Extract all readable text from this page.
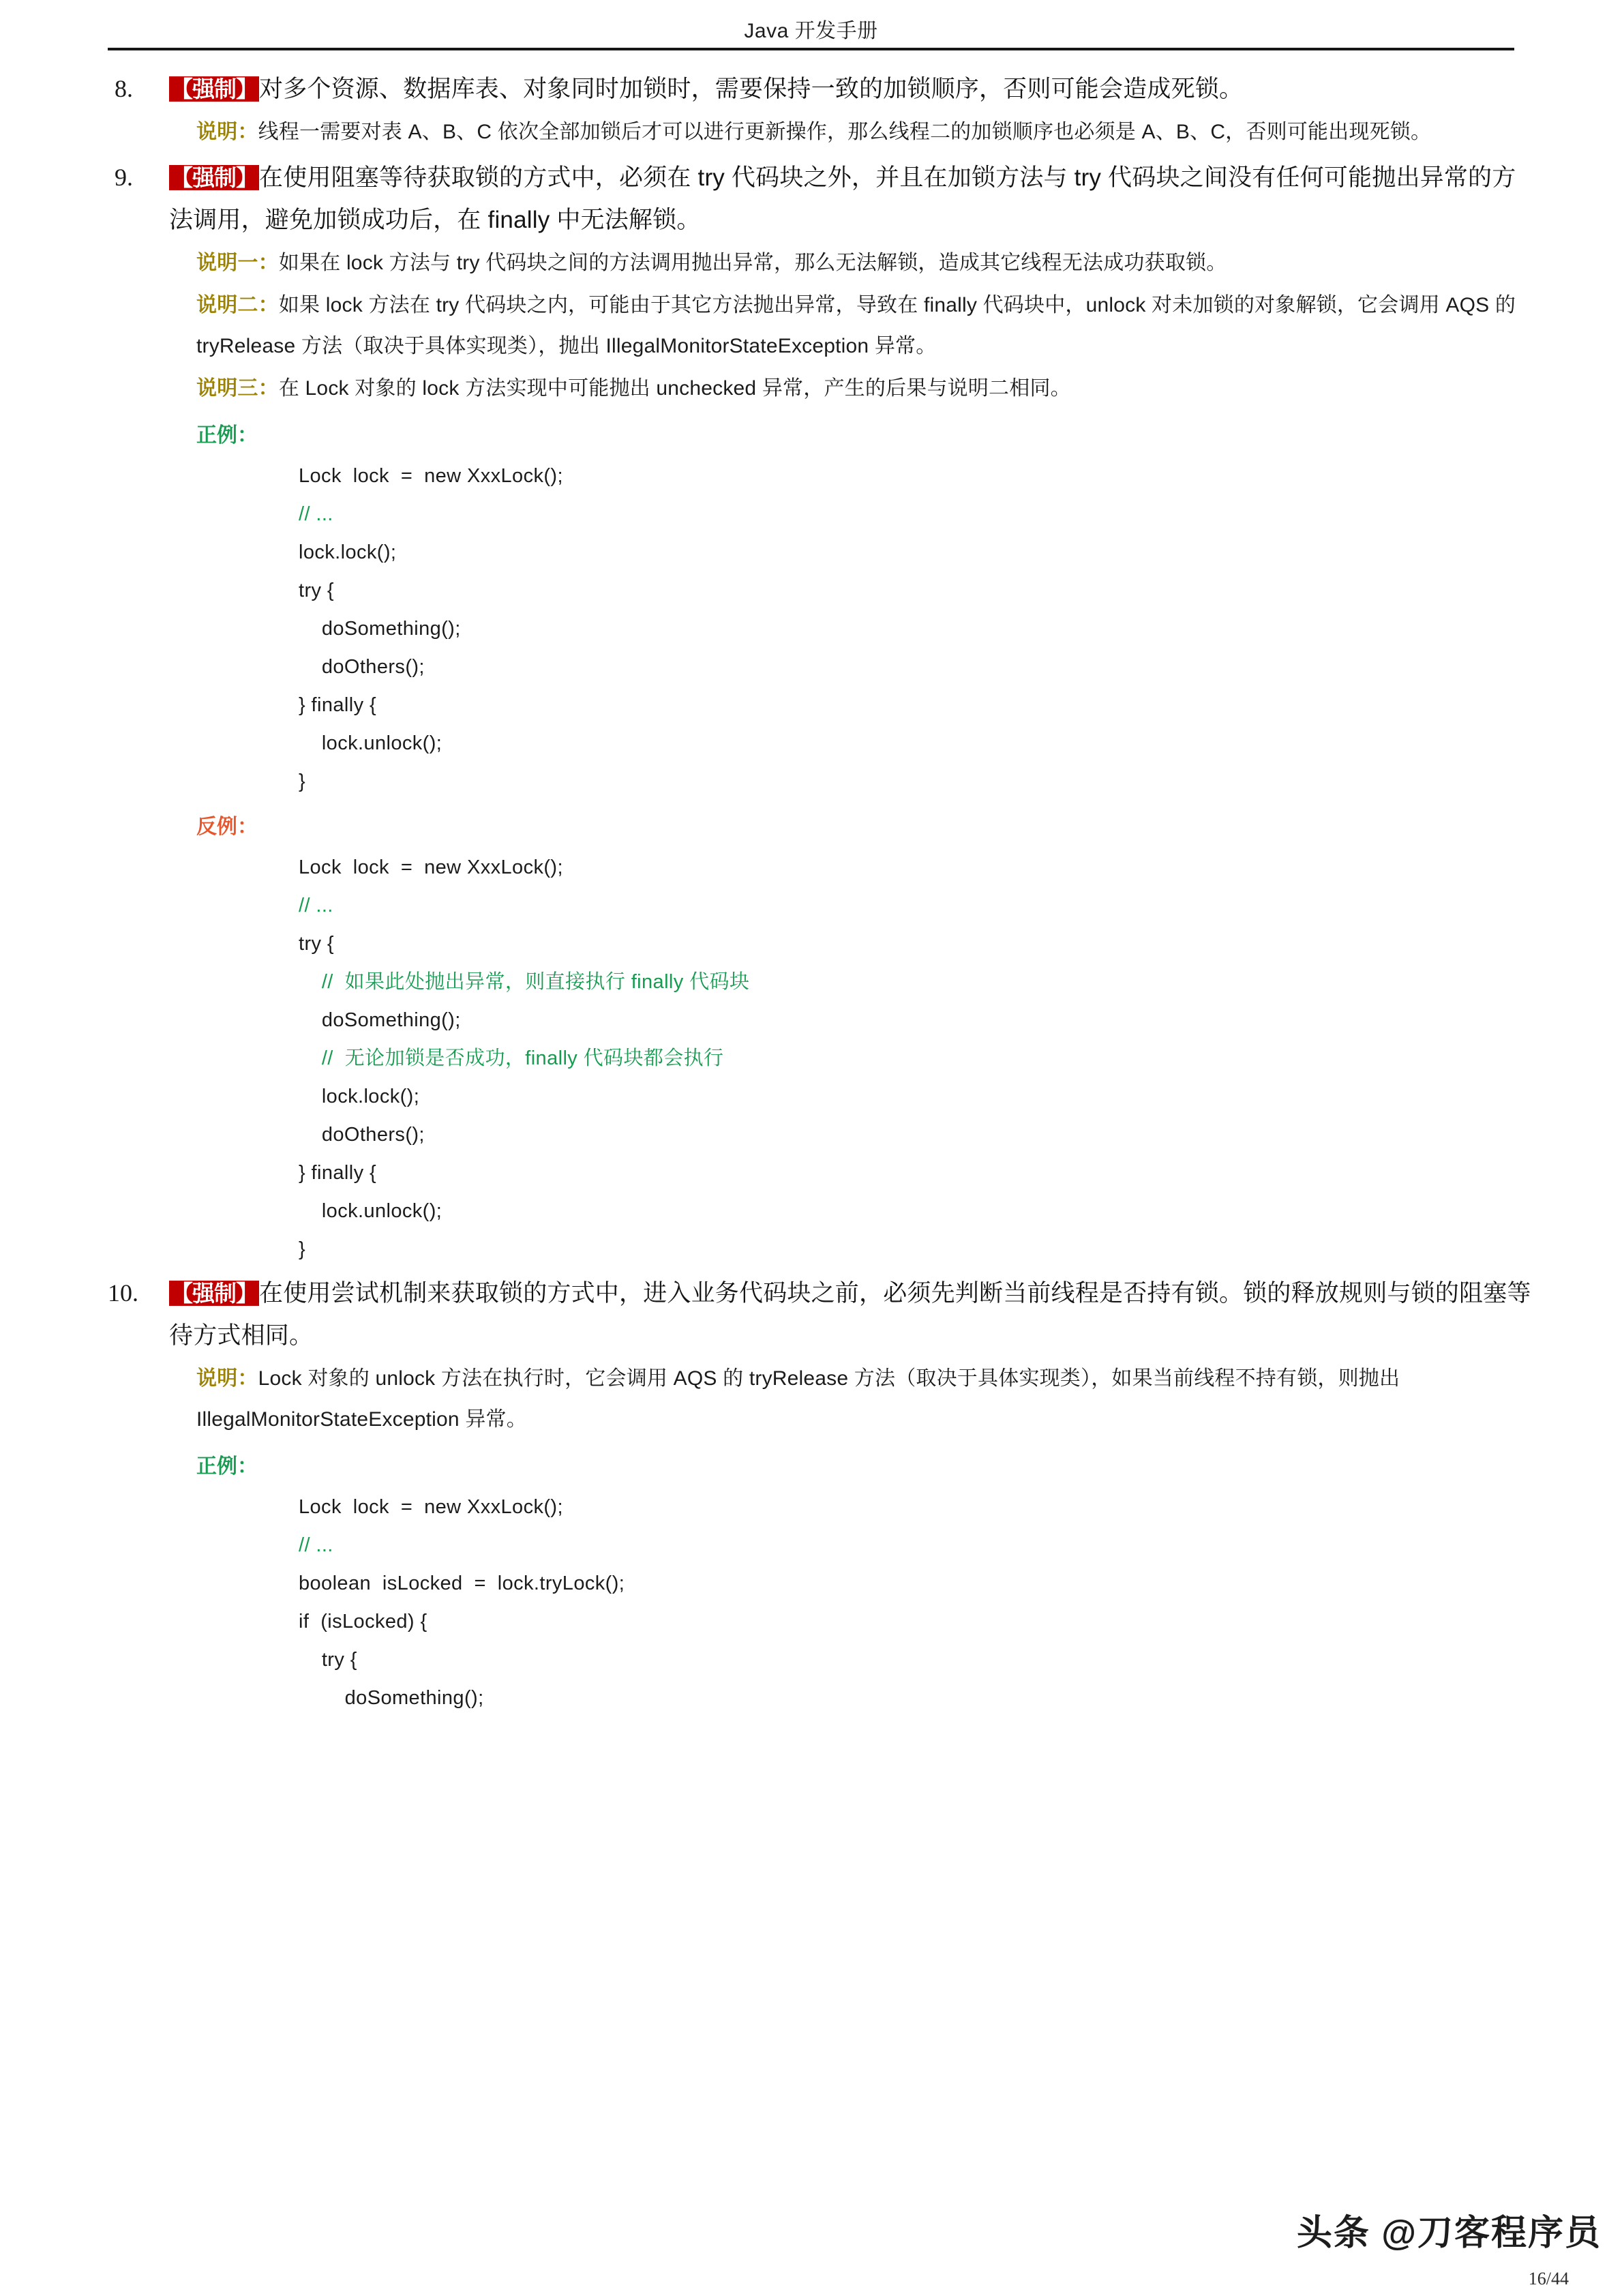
Java 开发手册
8.	【强制】对多个资源、数据库表、对象同时加锁时，需要保持一致的加锁顺序，否则可能会造成死锁。
说明：线程一需要对表 A、B、C 依次全部加锁后才可以进行更新操作，那么线程二的加锁顺序也必须是 A、B、C，否则可能出现死锁。
9.	【强制】在使用阻塞等待获取锁的方式中，必须在 try 代码块之外，并且在加锁方法与 try 代码块之间没有任何可能抛出异常的方法调用，避免加锁成功后，在 finally 中无法解锁。
说明一：如果在 lock 方法与 try 代码块之间的方法调用抛出异常，那么无法解锁，造成其它线程无法成功获取锁。
说明二：如果 lock 方法在 try 代码块之内，可能由于其它方法抛出异常，导致在 finally 代码块中，unlock 对未加锁的对象解锁，它会调用 AQS 的 tryRelease 方法（取决于具体实现类），抛出 IllegalMonitorStateException 异常。
说明三：在 Lock 对象的 lock 方法实现中可能抛出 unchecked 异常，产生的后果与说明二相同。
正例：
Lock  lock  =  new XxxLock();
// ...
lock.lock();
try {
doSomething();
doOthers();
} finally {
lock.unlock();
}
反例：
Lock  lock  =  new XxxLock();
// ...
try {
//  如果此处抛出异常，则直接执行 finally 代码块
doSomething();
//  无论加锁是否成功，finally 代码块都会执行
lock.lock();
doOthers();
} finally {
lock.unlock();
}
10.	【强制】在使用尝试机制来获取锁的方式中，进入业务代码块之前，必须先判断当前线程是否持有锁。锁的释放规则与锁的阻塞等待方式相同。
说明：Lock 对象的 unlock 方法在执行时，它会调用 AQS 的 tryRelease 方法（取决于具体实现类），如果当前线程不持有锁，则抛出 IllegalMonitorStateException 异常。
正例：
Lock  lock  =  new XxxLock();
// ...
boolean  isLocked  =  lock.tryLock();
if  (isLocked) {
try {
doSomething();
头条 @刀客程序员
16/44
